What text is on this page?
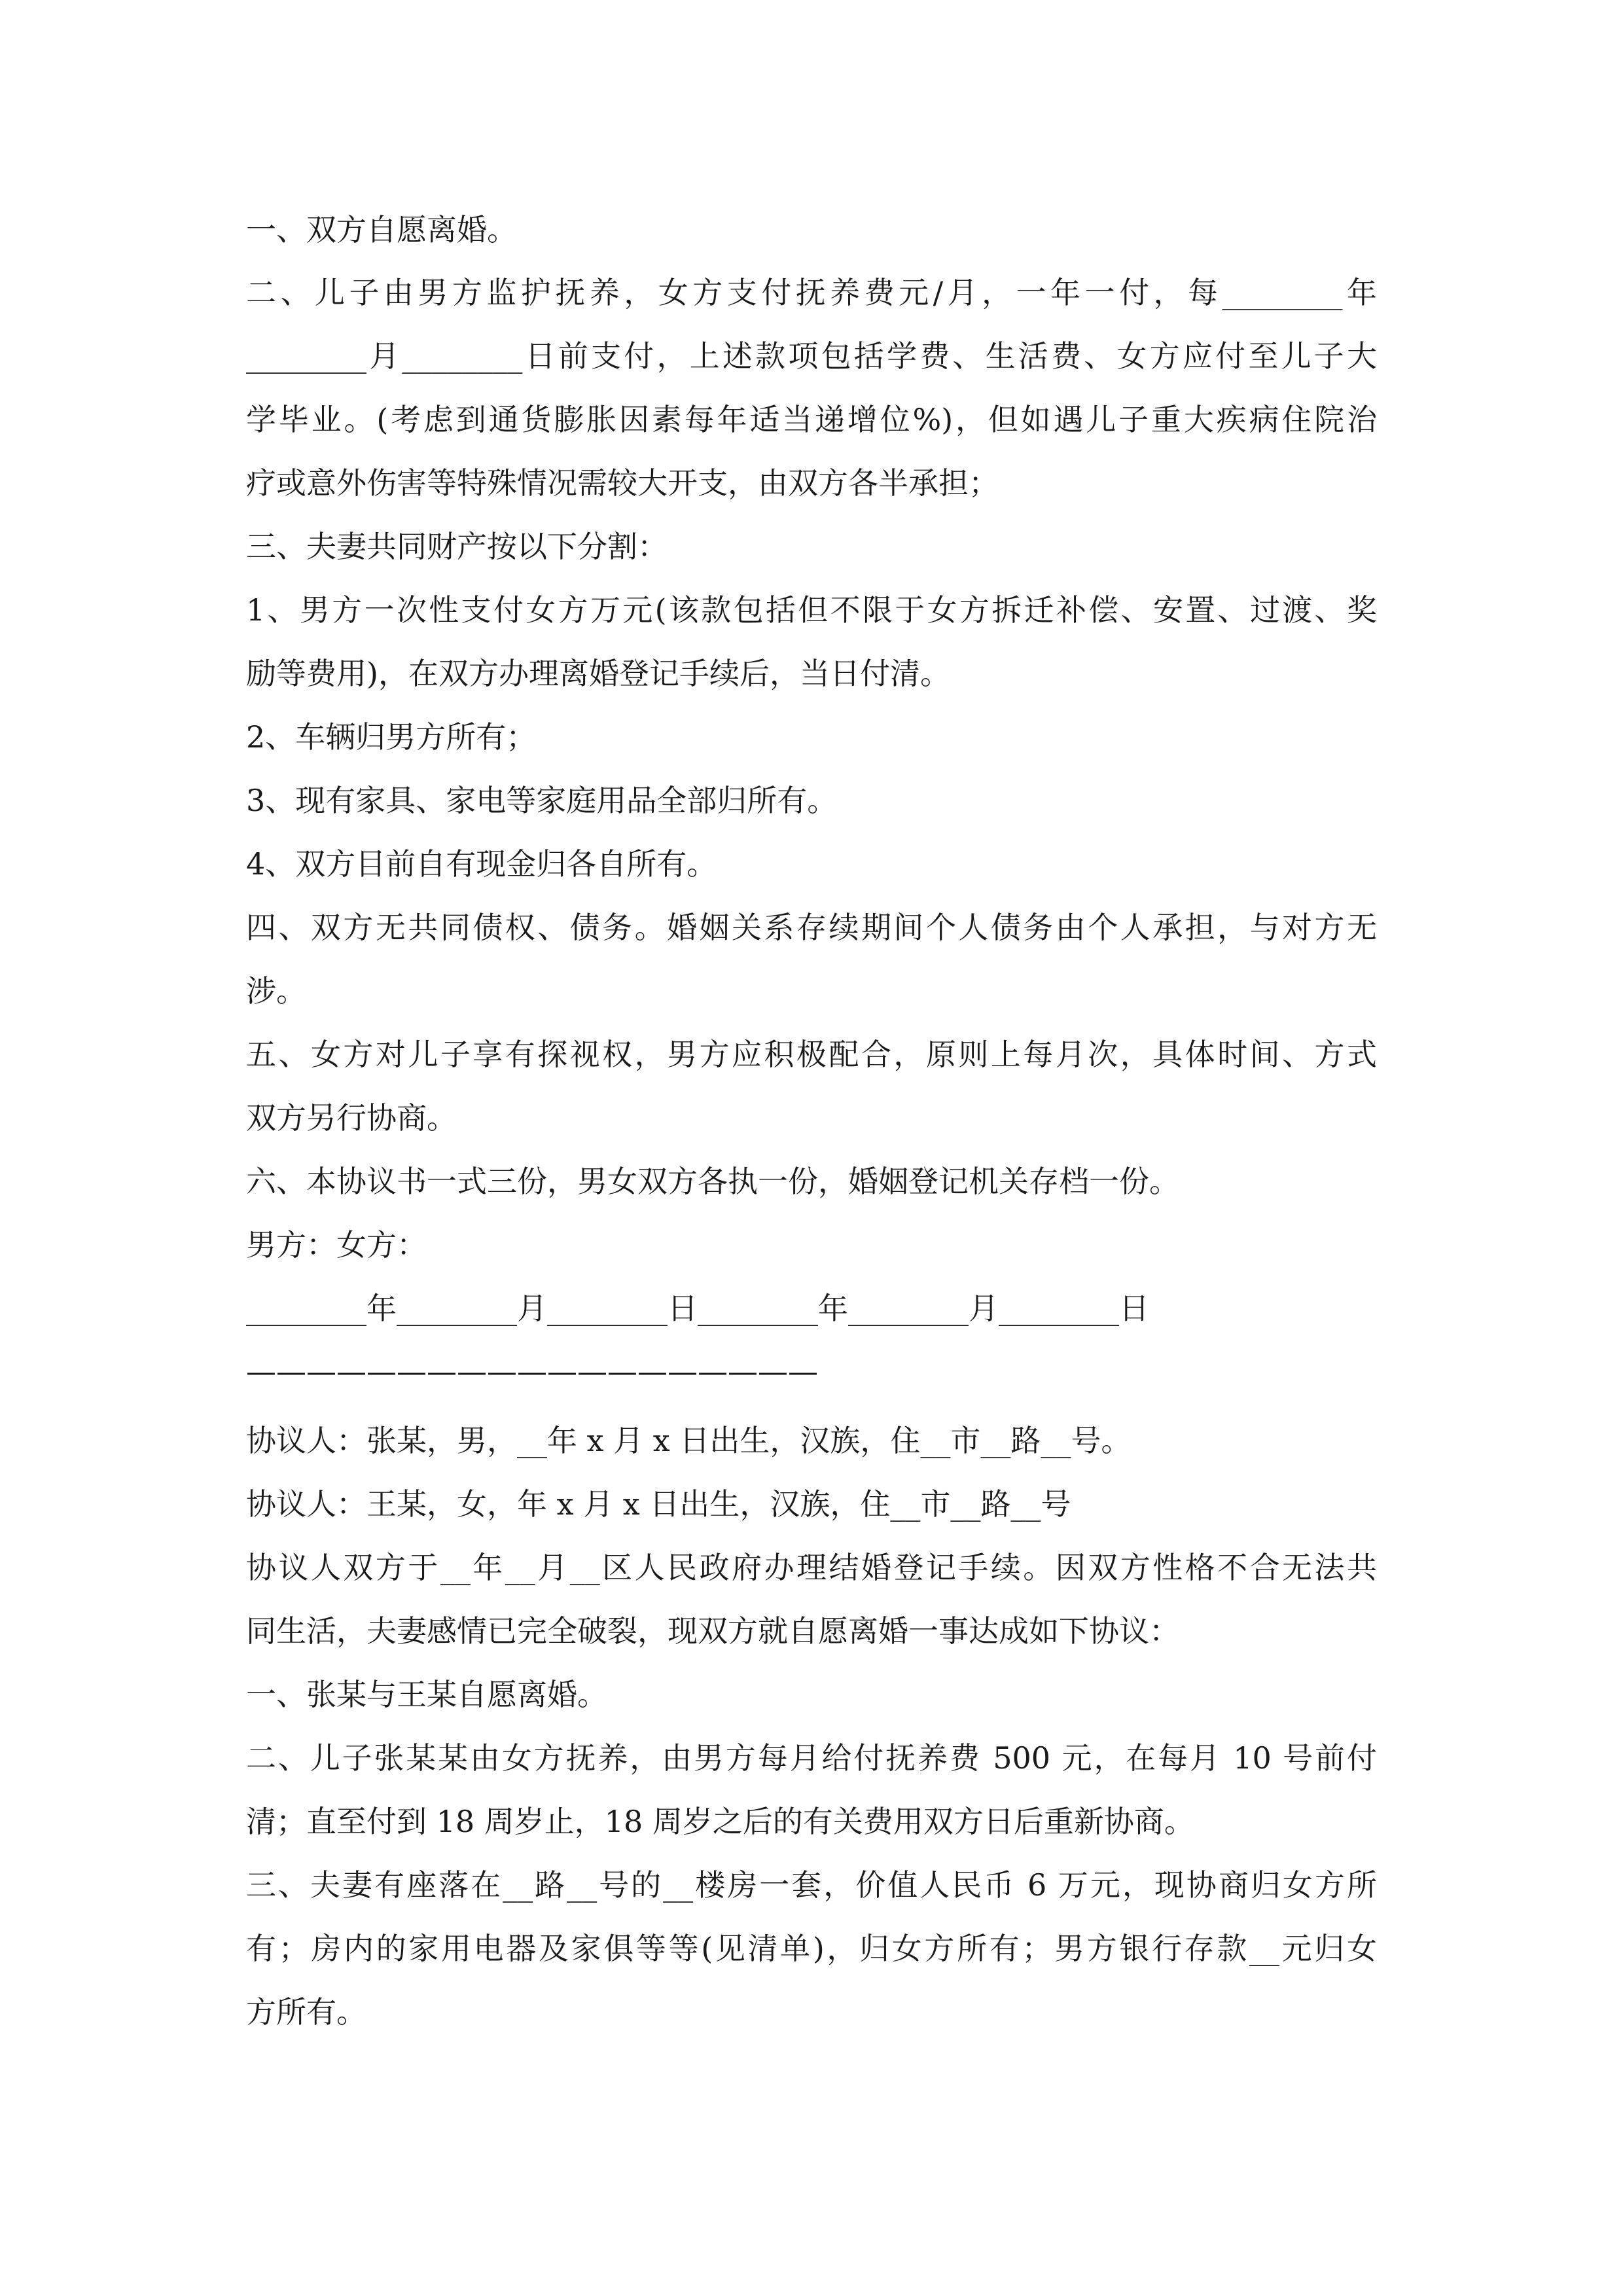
一、双方自愿离婚。
二、儿子由男方监护抚养，女方支付抚养费元/月，一年一付，每________年
________月________日前支付，上述款项包括学费、生活费、女方应付至儿子大
学毕业。(考虑到通货膨胀因素每年适当递增位%)，但如遇儿子重大疾病住院治
疗或意外伤害等特殊情况需较大开支，由双方各半承担；
三、夫妻共同财产按以下分割：
1、男方一次性支付女方万元(该款包括但不限于女方拆迁补偿、安置、过渡、奖
励等费用)，在双方办理离婚登记手续后，当日付清。
2、车辆归男方所有；
3、现有家具、家电等家庭用品全部归所有。
4、双方目前自有现金归各自所有。
四、双方无共同债权、债务。婚姻关系存续期间个人债务由个人承担，与对方无
涉。
五、女方对儿子享有探视权，男方应积极配合，原则上每月次，具体时间、方式
双方另行协商。
六、本协议书一式三份，男女双方各执一份，婚姻登记机关存档一份。
男方：女方：
________年________月________日________年________月________日
———————————————————
协议人：张某，男，__年 x 月 x 日出生，汉族，住__市__路__号。
协议人：王某，女，年 x 月 x 日出生，汉族，住__市__路__号
协议人双方于__年__月__区人民政府办理结婚登记手续。因双方性格不合无法共
同生活，夫妻感情已完全破裂，现双方就自愿离婚一事达成如下协议：
一、张某与王某自愿离婚。
二、儿子张某某由女方抚养，由男方每月给付抚养费 500 元，在每月 10 号前付
清；直至付到 18 周岁止，18 周岁之后的有关费用双方日后重新协商。
三、夫妻有座落在__路__号的__楼房一套，价值人民币 6 万元，现协商归女方所
有；房内的家用电器及家俱等等(见清单)，归女方所有；男方银行存款__元归女
方所有。
